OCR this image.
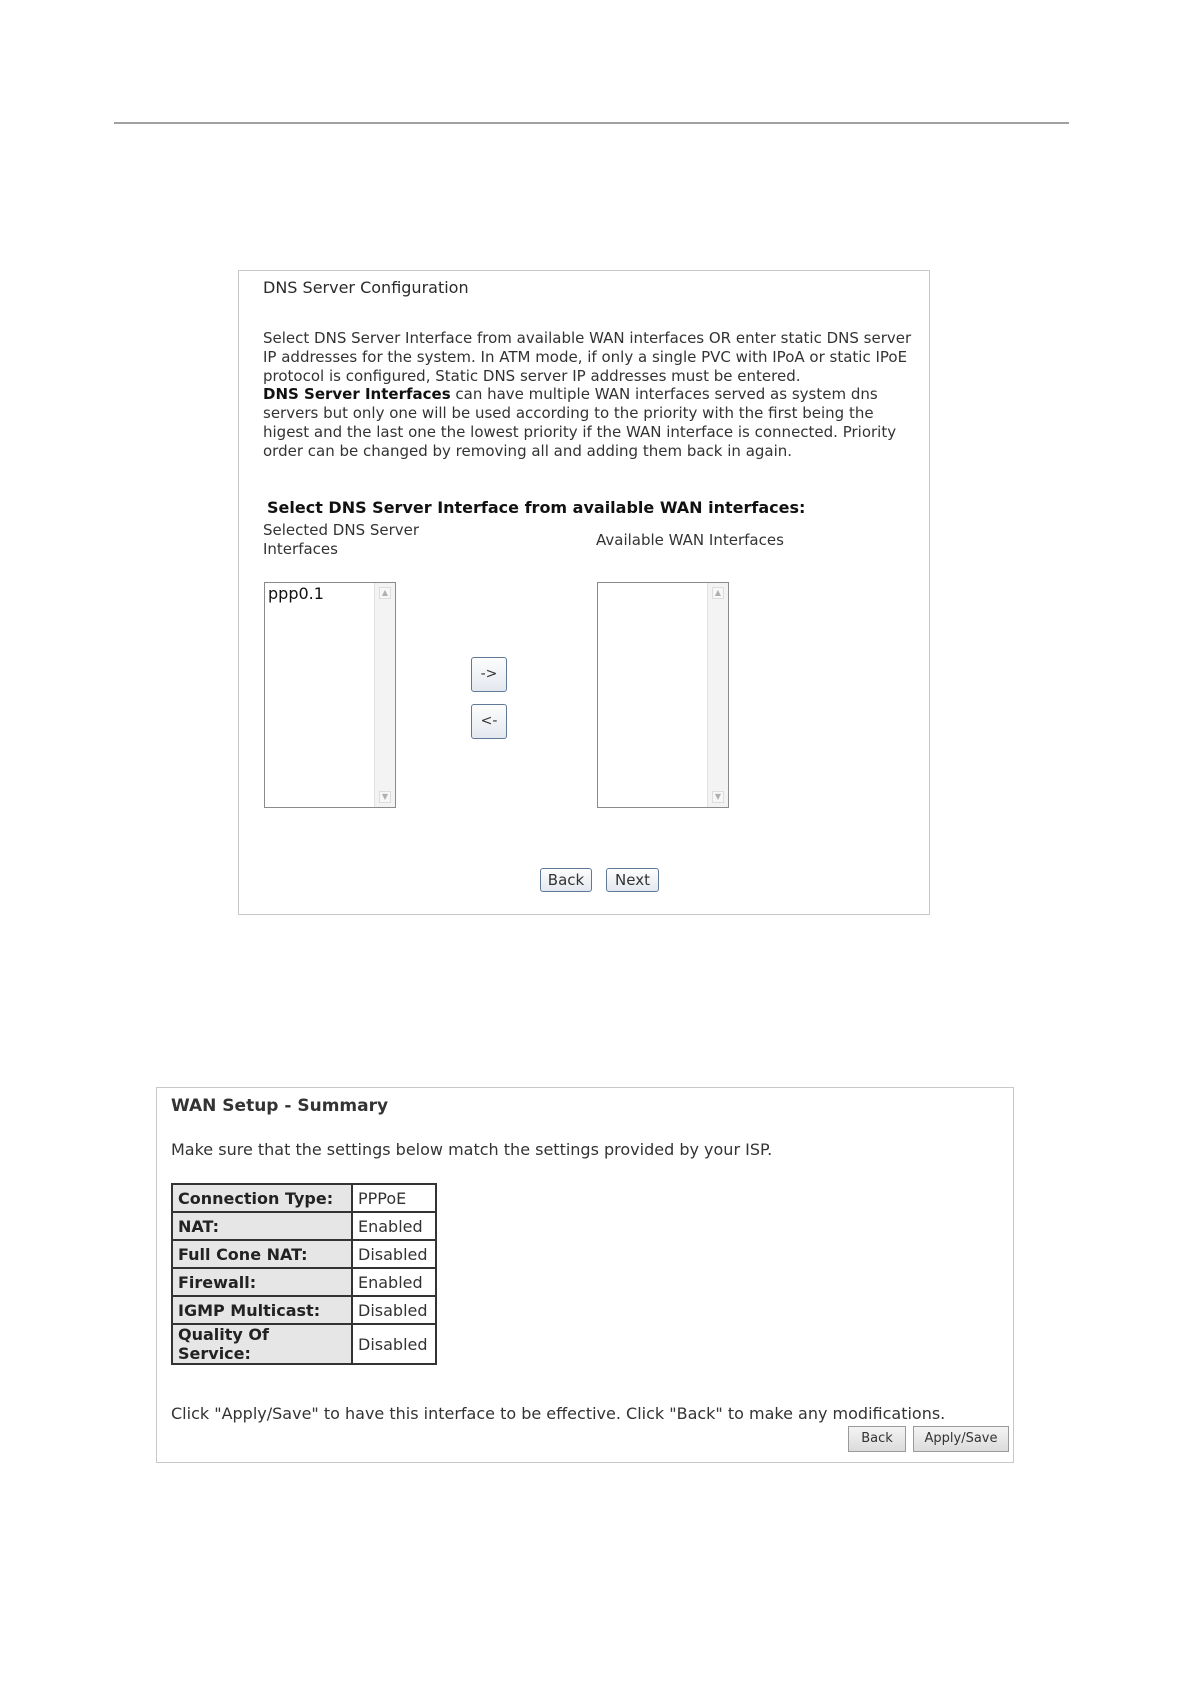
DNS Server Configuration
Select DNS Server Interface from available WAN interfaces OR enter static DNS server IP addresses for the system. In ATM mode, if only a single PVC with IPoA or static IPoE protocol is configured, Static DNS server IP addresses must be entered.
DNS Server Interfaces can have multiple WAN interfaces served as system dns servers but only one will be used according to the priority with the first being the higest and the last one the lowest priority if the WAN interface is connected. Priority order can be changed by removing all and adding them back in again.
Select DNS Server Interface from available WAN interfaces:
Selected DNS Server Interfaces	Available WAN Interfaces
ppp0.1	▲
▼
->
<-
▲
▼
Back	Next
WAN Setup - Summary
Make sure that the settings below match the settings provided by your ISP.
Connection Type:	PPPoE
NAT:	Enabled
Full Cone NAT:	Disabled
Firewall:	Enabled
IGMP Multicast:	Disabled
Quality Of Service:	Disabled
Click "Apply/Save" to have this interface to be effective. Click "Back" to make any modifications.
Back	Apply/Save
